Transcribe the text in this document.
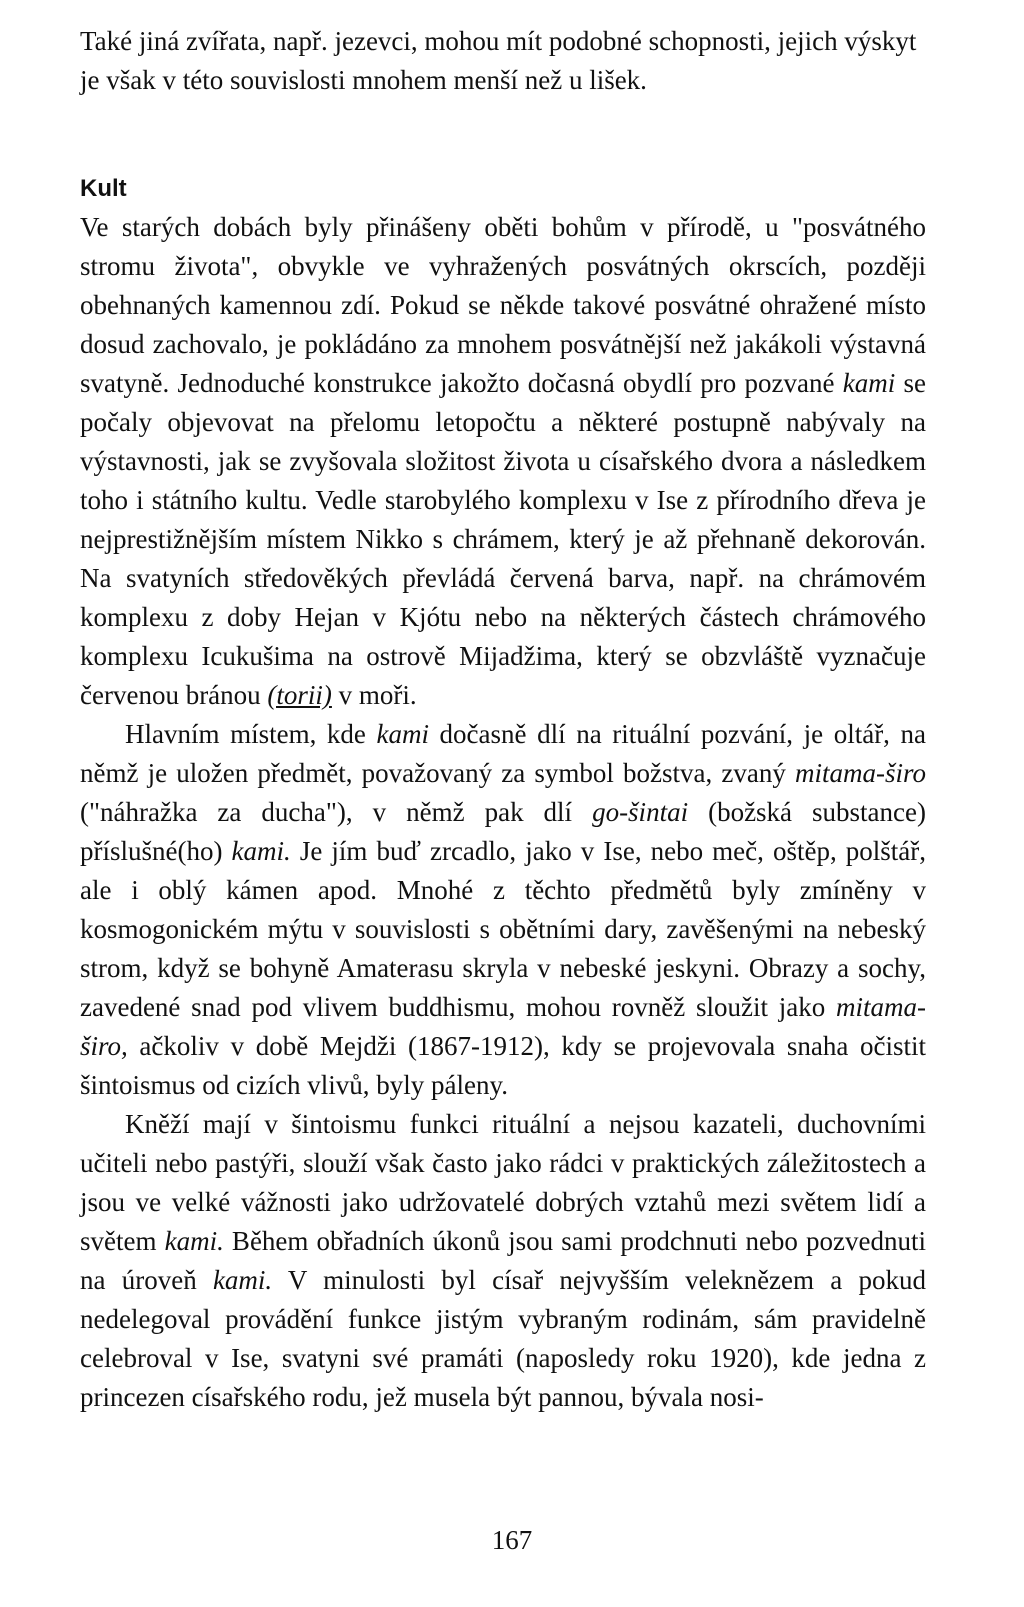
Také jiná zvířata, např. jezevci, mohou mít podobné schopnosti, jejich výskyt je však v této souvislosti mnohem menší než u lišek.

Kult

Ve starých dobách byly přinášeny oběti bohům v přírodě, u "posvátného stromu života", obvykle ve vyhražených posvátných okrscích, později obehnaných kamennou zdí. Pokud se někde takové posvátné ohražené místo dosud zachovalo, je pokládáno za mnohem posvátnější než jakákoli výstavná svatyně. Jednoduché konstrukce jakožto dočasná obydlí pro pozvané kami se počaly objevovat na přelomu letopočtu a některé postupně nabývaly na výstavnosti, jak se zvyšovala složitost života u císařského dvora a následkem toho i státního kultu. Vedle starobylého komplexu v Ise z přírodního dřeva je nejprestižnějším místem Nikko s chrámem, který je až přehnaně dekorován. Na svatyních středověkých převládá červená barva, např. na chrámovém komplexu z doby Hejan v Kjótu nebo na některých částech chrámového komplexu Icukušima na ostrově Mijadžima, který se obzvláště vyznačuje červenou bránou (torii) v moři.

Hlavním místem, kde kami dočasně dlí na rituální pozvání, je oltář, na němž je uložen předmět, považovaný za symbol božstva, zvaný mitama-širo ("náhražka za ducha"), v němž pak dlí go-šintai (božská substance) příslušné(ho) kami. Je jím buď zrcadlo, jako v Ise, nebo meč, oštěp, polštář, ale i oblý kámen apod. Mnohé z těchto předmětů byly zmíněny v kosmogonickém mýtu v souvislosti s obětními dary, zavěšenými na nebeský strom, když se bohyně Amaterasu skryla v nebeské jeskyni. Obrazy a sochy, zavedené snad pod vlivem buddhismu, mohou rovněž sloužit jako mitamaširo, ačkoliv v době Mejdži (1867-1912), kdy se projevovala snaha očistit šintoismus od cizích vlivů, byly páleny.

Kněží mají v šintoismu funkci rituální a nejsou kazateli, duchovními učiteli nebo pastýři, slouží však často jako rádci v praktických záležitostech a jsou ve velké vážnosti jako udržovatelé dobrých vztahů mezi světem lidí a světem kami. Během obřadních úkonů jsou sami prodchnuti nebo pozvednuti na úroveň kami. V minulosti byl císař nejvyšším veleknězem a pokud nedelegoval provádění funkce jistým vybraným rodinám, sám pravidelně celebroval v Ise, svatyni své pramáti (naposledy roku 1920), kde jedna z princezen císařského rodu, jež musela být pannou, bývala nosi-

167
